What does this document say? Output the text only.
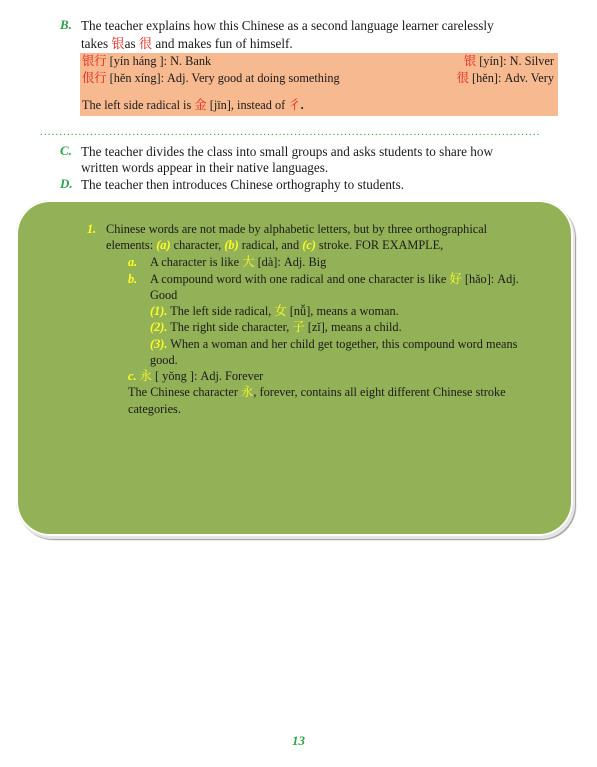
B. The teacher explains how this Chinese as a second language learner carelessly
takes 银as 很 and makes fun of himself.
银行 [yín háng ]: N. Bank	银 [yín]: N. Silver
佷行 [hěn xíng]: Adj. Very good at doing something	很 [hěn]: Adv. Very
The left side radical is 金 [jīn], instead of 彳.
..................................................................................................................................
C. The teacher divides the class into small groups and asks students to share how
written words appear in their native languages.
D. The teacher then introduces Chinese orthography to students.
1. Chinese words are not made by alphabetic letters, but by three orthographical
elements: (a) character, (b) radical, and (c) stroke. FOR EXAMPLE,
a. A character is like 大 [dà]: Adj. Big
b. A compound word with one radical and one character is like 好 [hǎo]: Adj.
Good
(1). The left side radical, 女 [nǚ], means a woman.
(2). The right side character, 子 [zǐ], means a child.
(3). When a woman and her child get together, this compound word means
good.
c. 永 [ yǒng ]: Adj. Forever
The Chinese character 永, forever, contains all eight different Chinese stroke
categories.
13
